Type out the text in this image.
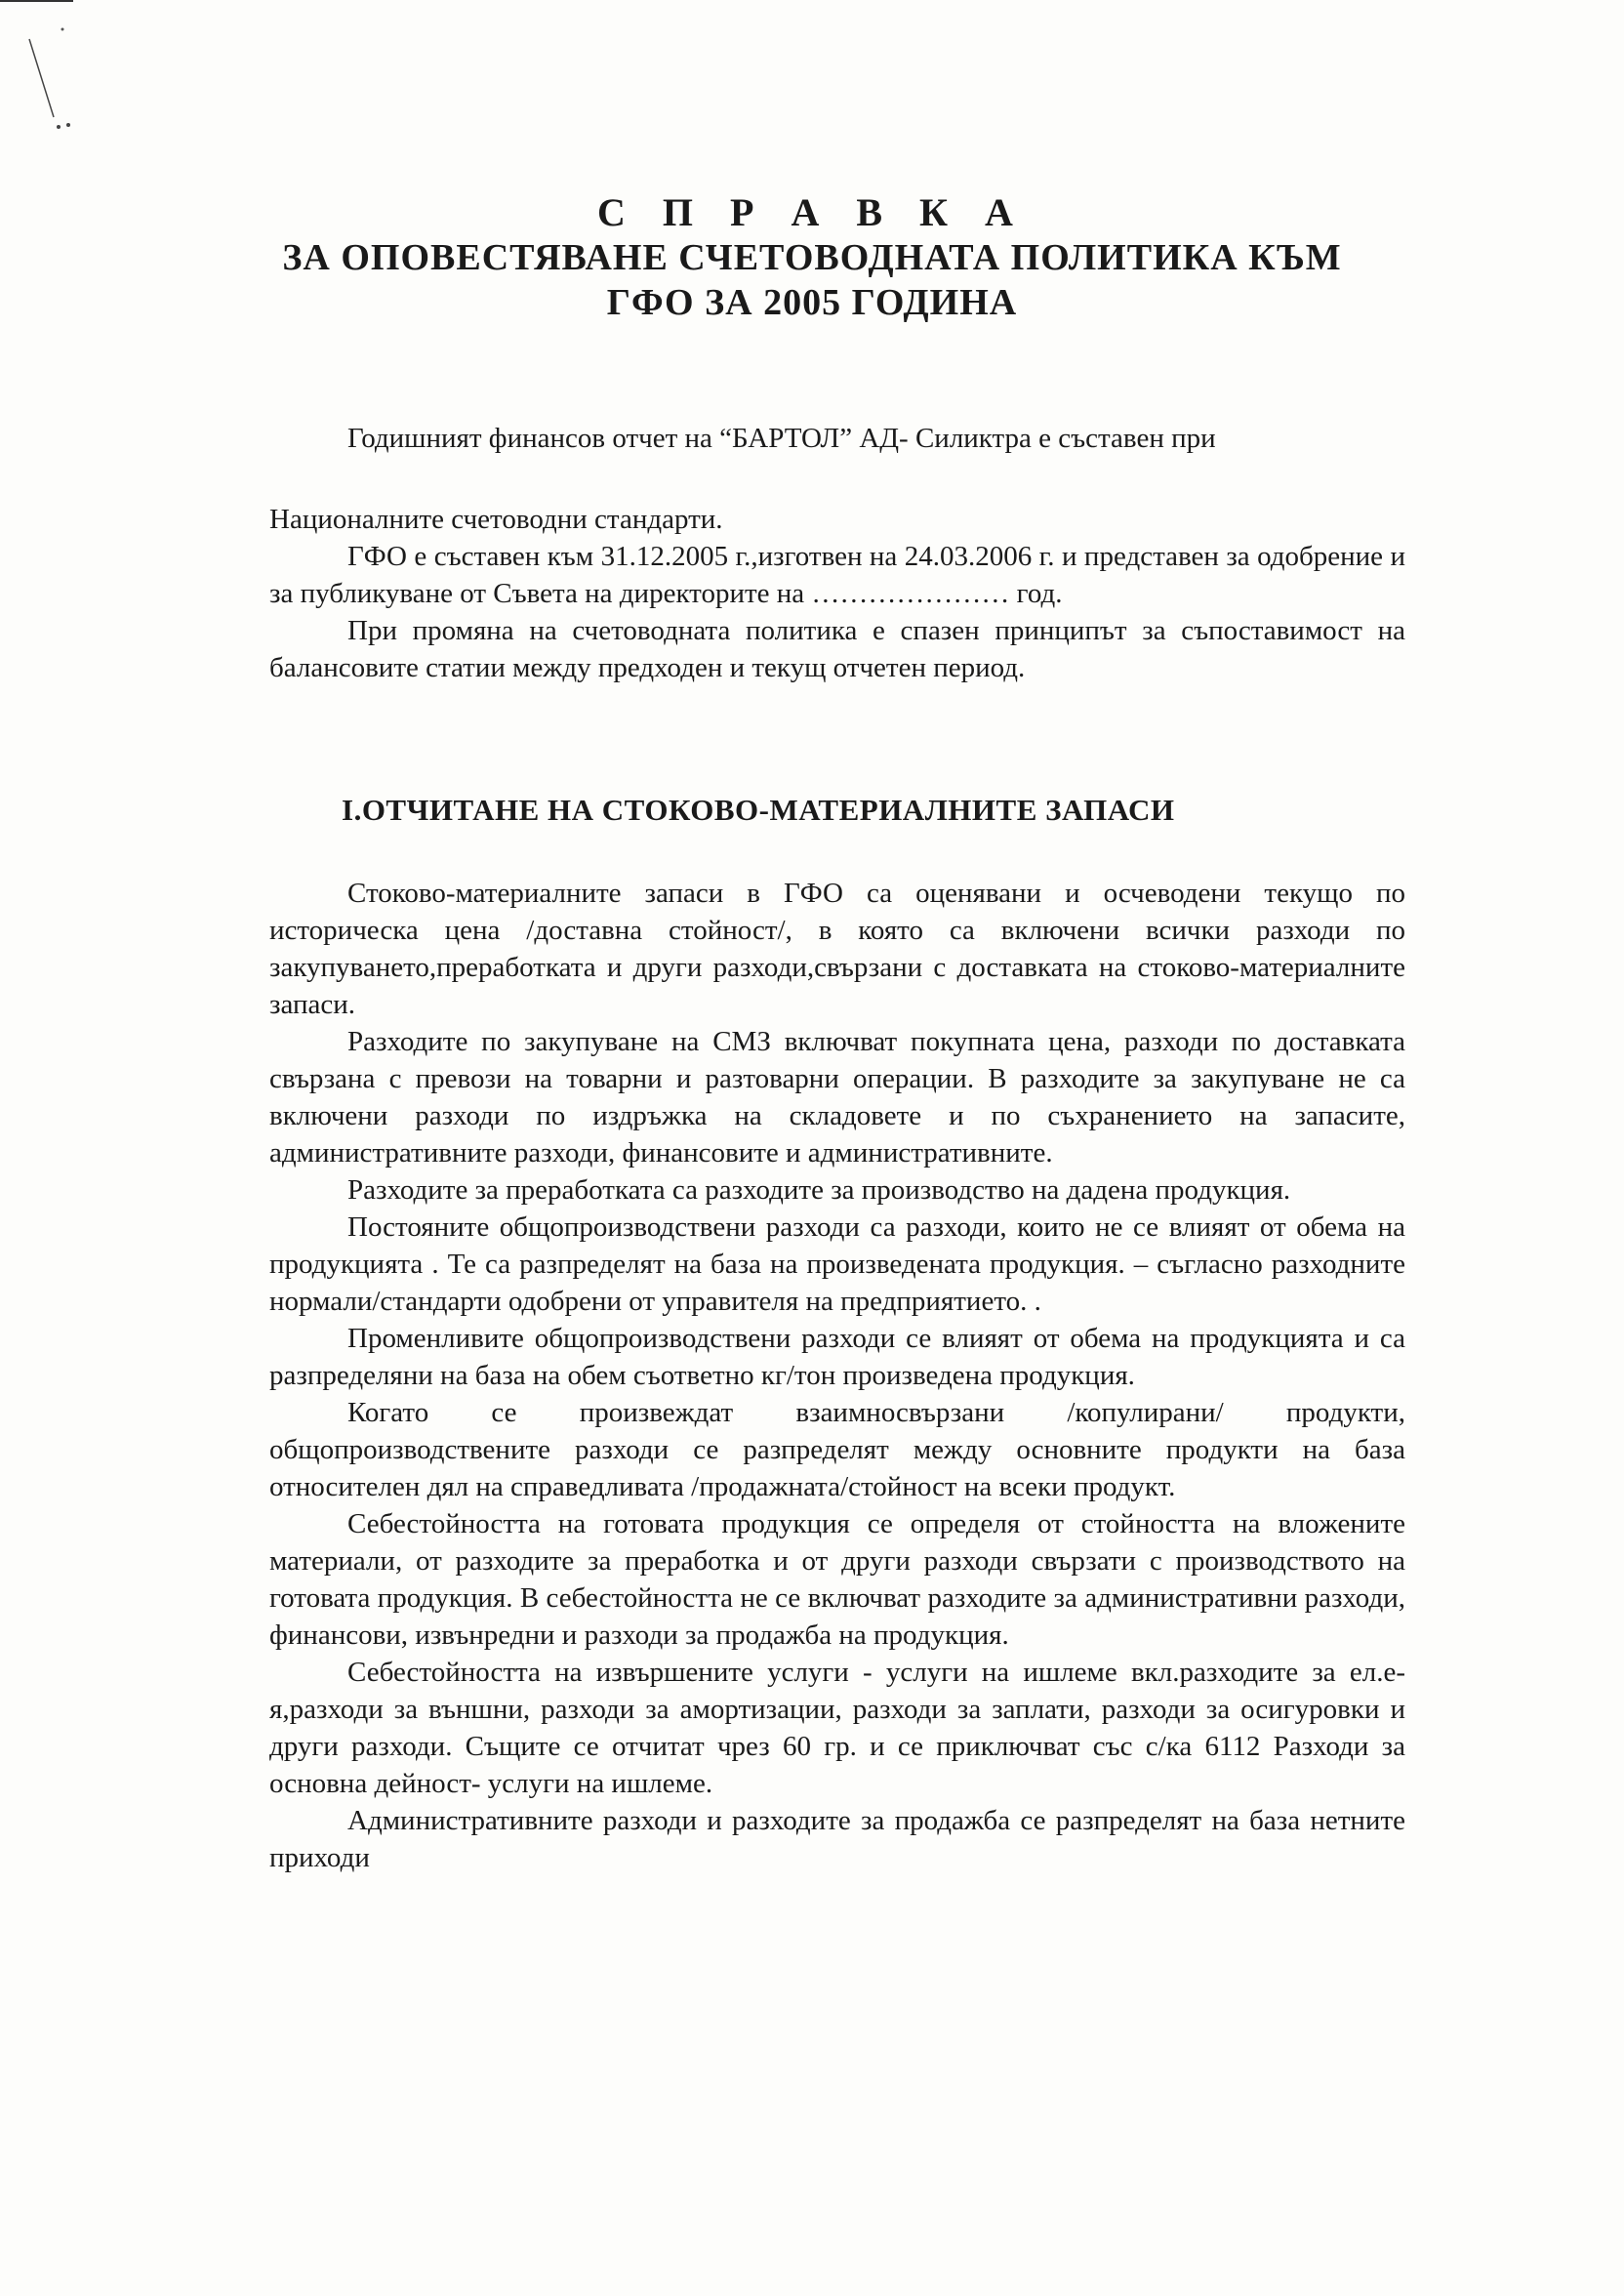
С П Р А В К А
ЗА ОПОВЕСТЯВАНЕ СЧЕТОВОДНАТА ПОЛИТИКА КЪМ
ГФО ЗА 2005 ГОДИНА

Годишният финансов отчет на “БАРТОЛ” АД- Силиктра е съставен при

Националните счетоводни стандарти.

ГФО е съставен към 31.12.2005 г.,изготвен на 24.03.2006 г. и представен за одобрение и за публикуване от Съвета на директорите на ………………… год.

При промяна на счетоводната политика е спазен принципът за съпоставимост на балансовите статии между предходен и текущ отчетен период.

I.ОТЧИТАНЕ НА СТОКОВО-МАТЕРИАЛНИТЕ ЗАПАСИ

Стоково-материалните запаси в ГФО са оценявани и осчеводени текущо по историческа цена /доставна стойност/, в която са включени всички разходи по закупуването,преработката и други разходи,свързани с доставката на стоково-материалните запаси.

Разходите по закупуване на СМЗ включват покупната цена, разходи по доставката свързана с превози на товарни и разтоварни операции. В разходите за закупуване не са включени разходи по издръжка на складовете и по съхранението на запасите, административните разходи, финансовите и административните.

Разходите за преработката са разходите за производство на дадена продукция.

Постояните общопроизводствени разходи са разходи, които не се влияят от обема на продукцията . Те са разпределят на база на произведената продукция. – съгласно разходните нормали/стандарти одобрени от управителя на предприятието. .

Променливите общопроизводствени разходи се влияят от обема на продукцията и са разпределяни на база на обем съответно кг/тон произведена продукция.

Когато се произвеждат взаимносвързани /копулирани/ продукти, общопроизводствените разходи се разпределят между основните продукти на база относителен дял на справедливата /продажната/стойност на всеки продукт.

Себестойността на готовата продукция се определя от стойността на вложените материали, от разходите за преработка и от други разходи свързати с производството на готовата продукция. В себестойността не се включват разходите за административни разходи, финансови, извънредни и разходи за продажба на продукция.

Себестойността на извършените услуги - услуги на ишлеме вкл.разходите за ел.е-я,разходи за външни, разходи за амортизации, разходи за заплати, разходи за осигуровки и други разходи. Същите се отчитат чрез 60 гр. и се приключват със с/ка 6112 Разходи за основна дейност- услуги на ишлеме.

Административните разходи и разходите за продажба се разпределят на база нетните приходи
